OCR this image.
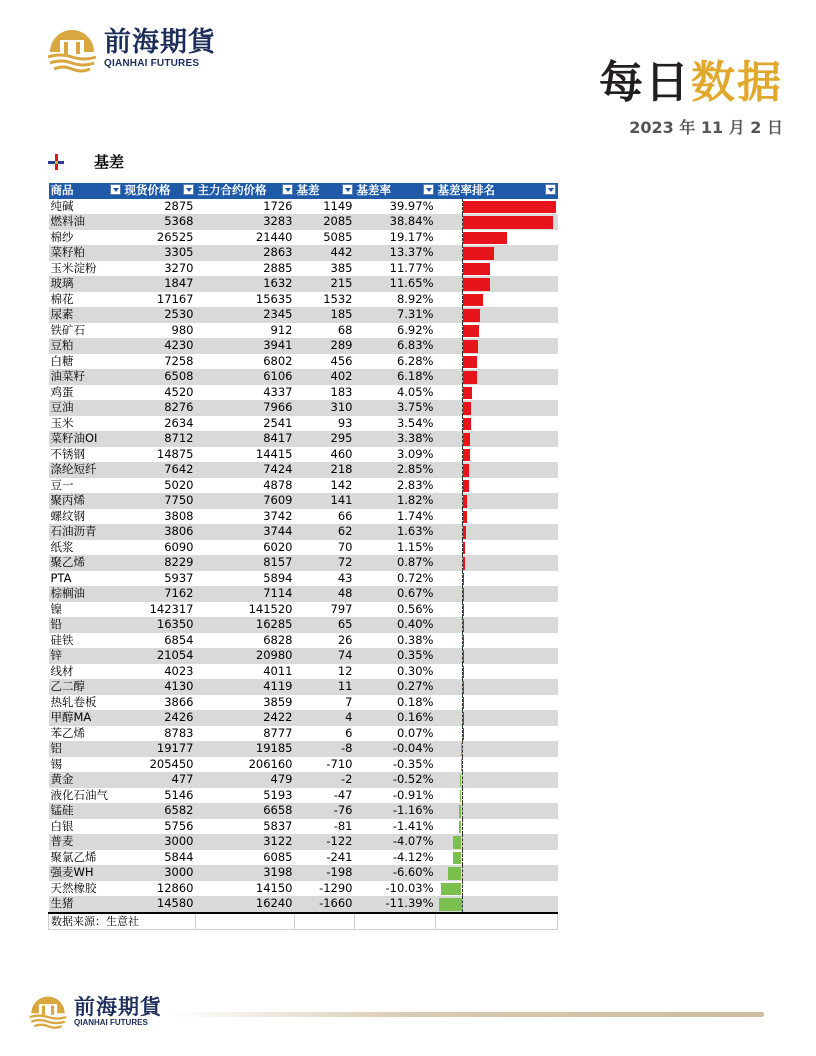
前海期貨
QIANHAI FUTURES	每日数据
2023 年 11 月 2 日
基差
商品	现货价格	主力合约价格	基差	基差率	基差率排名

纯碱	2875	1726	1149	39.97%	

燃料油	5368	3283	2085	38.84%	

棉纱	26525	21440	5085	19.17%	

菜籽粕	3305	2863	442	13.37%	

玉米淀粉	3270	2885	385	11.77%	

玻璃	1847	1632	215	11.65%	

棉花	17167	15635	1532	8.92%	

尿素	2530	2345	185	7.31%	

铁矿石	980	912	68	6.92%	

豆粕	4230	3941	289	6.83%	

白糖	7258	6802	456	6.28%	

油菜籽	6508	6106	402	6.18%	

鸡蛋	4520	4337	183	4.05%	

豆油	8276	7966	310	3.75%	

玉米	2634	2541	93	3.54%	

菜籽油OI	8712	8417	295	3.38%	

不锈钢	14875	14415	460	3.09%	

涤纶短纤	7642	7424	218	2.85%	

豆一	5020	4878	142	2.83%	

聚丙烯	7750	7609	141	1.82%	

螺纹钢	3808	3742	66	1.74%	

石油沥青	3806	3744	62	1.63%	

纸浆	6090	6020	70	1.15%	

聚乙烯	8229	8157	72	0.87%	

PTA	5937	5894	43	0.72%	

棕榈油	7162	7114	48	0.67%	

镍	142317	141520	797	0.56%	

铅	16350	16285	65	0.40%	

硅铁	6854	6828	26	0.38%	

锌	21054	20980	74	0.35%	

线材	4023	4011	12	0.30%	

乙二醇	4130	4119	11	0.27%	

热轧卷板	3866	3859	7	0.18%	

甲醇MA	2426	2422	4	0.16%	

苯乙烯	8783	8777	6	0.07%	

铝	19177	19185	-8	-0.04%	

锡	205450	206160	-710	-0.35%	

黄金	477	479	-2	-0.52%	

液化石油气	5146	5193	-47	-0.91%	

锰硅	6582	6658	-76	-1.16%	

白银	5756	5837	-81	-1.41%	

普麦	3000	3122	-122	-4.07%	

聚氯乙烯	5844	6085	-241	-4.12%	

强麦WH	3000	3198	-198	-6.60%	

天然橡胶	12860	14150	-1290	-10.03%	

生猪	14580	16240	-1660	-11.39%	

数据来源：生意社					
前海期貨
QIANHAI FUTURES
